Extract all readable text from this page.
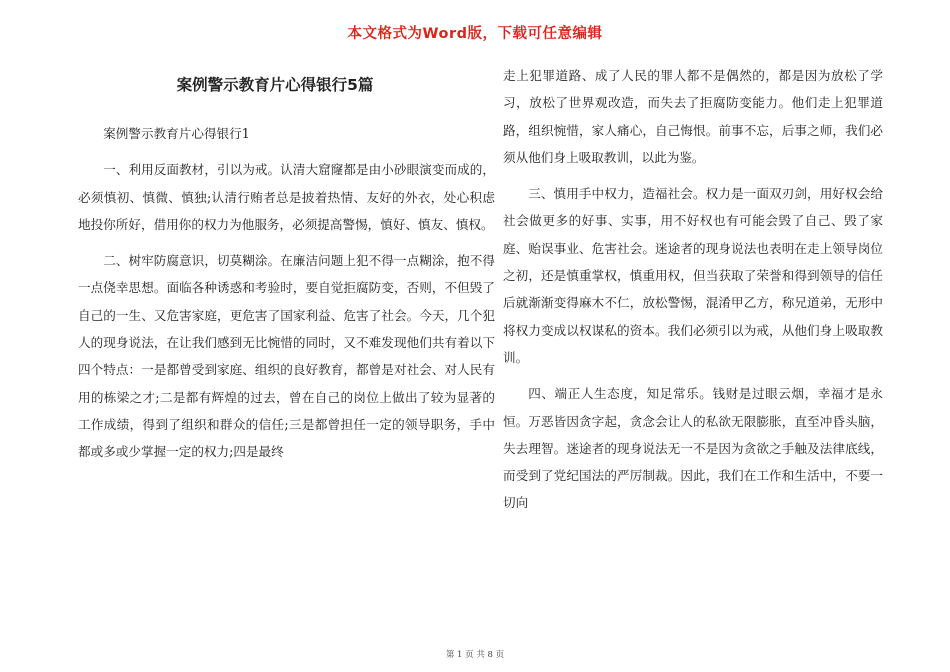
本文格式为Word版，下载可任意编辑
案例警示教育片心得银行5篇

案例警示教育片心得银行1

一、利用反面教材，引以为戒。认清大窟窿都是由小砂眼演变而成的，必须慎初、慎微、慎独;认清行贿者总是披着热情、友好的外衣，处心积虑地投你所好，借用你的权力为他服务，必须提高警惕，慎好、慎友、慎权。

二、树牢防腐意识，切莫糊涂。在廉洁问题上犯不得一点糊涂，抱不得一点侥幸思想。面临各种诱惑和考验时，要自觉拒腐防变，否则，不但毁了自己的一生、又危害家庭，更危害了国家利益、危害了社会。今天，几个犯人的现身说法，在让我们感到无比惋惜的同时，又不难发现他们共有着以下四个特点：一是都曾受到家庭、组织的良好教育，都曾是对社会、对人民有用的栋梁之才;二是都有辉煌的过去，曾在自己的岗位上做出了较为显著的工作成绩，得到了组织和群众的信任;三是都曾担任一定的领导职务，手中都或多或少掌握一定的权力;四是最终

走上犯罪道路、成了人民的罪人都不是偶然的，都是因为放松了学习，放松了世界观改造，而失去了拒腐防变能力。他们走上犯罪道路，组织惋惜，家人痛心，自己悔恨。前事不忘，后事之师，我们必须从他们身上吸取教训，以此为鉴。

三、慎用手中权力，造福社会。权力是一面双刃剑，用好权会给社会做更多的好事、实事，用不好权也有可能会毁了自己、毁了家庭、贻误事业、危害社会。迷途者的现身说法也表明在走上领导岗位之初，还是慎重掌权，慎重用权，但当获取了荣誉和得到领导的信任后就渐渐变得麻木不仁，放松警惕，混淆甲乙方，称兄道弟，无形中将权力变成以权谋私的资本。我们必须引以为戒，从他们身上吸取教训。

四、端正人生态度，知足常乐。钱财是过眼云烟，幸福才是永恒。万恶皆因贪字起，贪念会让人的私欲无限膨胀，直至冲昏头脑，失去理智。迷途者的现身说法无一不是因为贪欲之手触及法律底线，而受到了党纪国法的严厉制裁。因此，我们在工作和生活中，不要一切向

第 1 页 共 8 页
